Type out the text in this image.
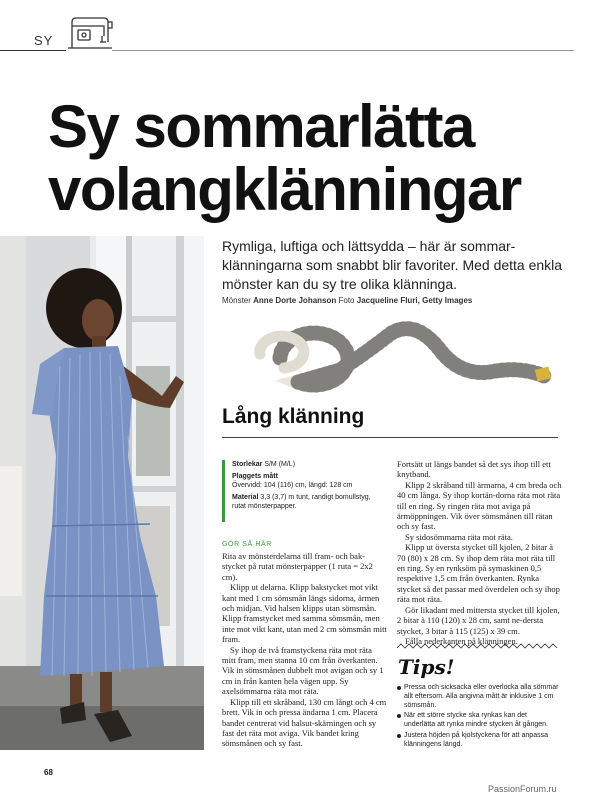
SY
Sy sommarlätta
volangklänningar
Rymliga, luftiga och lättsydda – här är sommar-klänningarna som snabbt blir favoriter. Med detta enkla mönster kan du sy tre olika klänninga.
Mönster Anne Dorte Johanson Foto Jacqueline Fluri, Getty Images
Lång klänning
Storlekar S/M (M/L)
Plaggets mått
Övervidd: 104 (116) cm, längd: 128 cm
Material 3,3 (3,7) m tunt, randigt bomullstyg, rutat mönsterpapper.
GÖR SÅ HÄR

Rita av mönsterdelarna till fram- och bak-stycket på rutat mönsterpapper (1 ruta = 2x2 cm).

Klipp ut delarna. Klipp bakstycket mot vikt kant med 1 cm sömsmån längs sidorna, ärmen och midjan. Vid halsen klipps utan sömsmån. Klipp framstycket med samma sömsmån, men inte mot vikt kant, utan med 2 cm sömsmån mitt fram.

Sy ihop de två framstyckena räta mot räta mitt fram, men stanna 10 cm från överkanten. Vik in sömsmånen dubbelt mot avigan och sy 1 cm in från kanten hela vägen upp. Sy axelsömmarna räta mot räta.

Klipp till ett skråband, 130 cm långt och 4 cm brett. Vik in och pressa ändarna 1 cm. Placera bandet centrerat vid halsut-skärningen och sy fast det räta mot avigа. Vik bandet kring sömsmånen och sy fast.

Fortsätt ut längs bandet så det sys ihop till ett knytband.

Klipp 2 skråband till ärmarna, 4 cm breda och 40 cm långa. Sy ihop kortän-dorna räta mot räta till en ring. Sy ringen räta mot aviga på ärmöppningen. Vik över sömsmånen till rätan och sy fast.

Sy sidosömmarna räta mot räta.

Klipp ut översta stycket till kjolen, 2 bitar à 70 (80) x 28 cm. Sy ihop dem räta mot räta till en ring. Sy en rynksöm på symaskinen 0,5 respektive 1,5 cm från överkanten. Rynka stycket så det passar med överdelen och sy ihop räta mot räta.

Gör likadant med mittersta stycket till kjolen, 2 bitar à 110 (120) x 28 cm, samt ne-dersta stycket, 3 bitar à 115 (125) x 39 cm.

Fålla nederkanten på klänningen.

Tips!
Pressa och sicksacka eller overlocka alla sömmar allt eftersom. Alla angivna mått är inklusive 1 cm sömsmån.
När ett större stycke ska rynkas kan det underlätta att rynka mindre stycken åt gången.
Justera höjden på kjolstyckena för att anpassa klänningens längd.
68
PassionForum.ru
